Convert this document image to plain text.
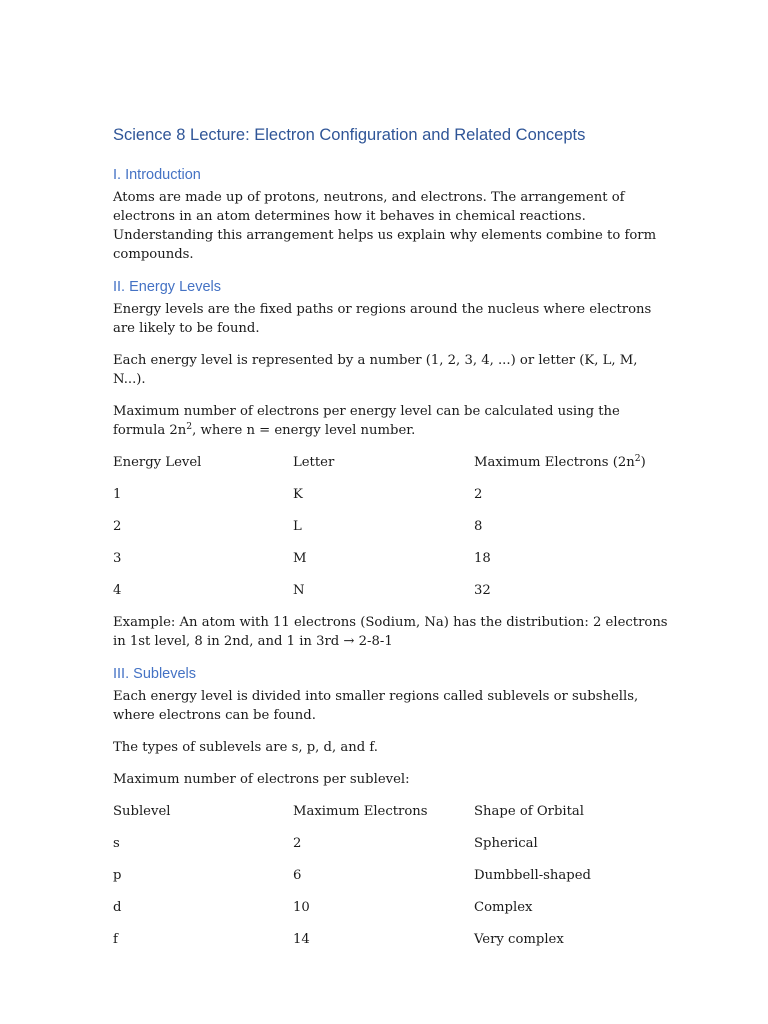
Science 8 Lecture: Electron Configuration and Related Concepts
I. Introduction

Atoms are made up of protons, neutrons, and electrons. The arrangement of electrons in an atom determines how it behaves in chemical reactions. Understanding this arrangement helps us explain why elements combine to form compounds.

II. Energy Levels

Energy levels are the fixed paths or regions around the nucleus where electrons are likely to be found.

Each energy level is represented by a number (1, 2, 3, 4, ...) or letter (K, L, M, N...).

Maximum number of electrons per energy level can be calculated using the formula $2n^2$, where n = energy level number.

Energy Level	Letter	Maximum Electrons $(2n^2)$
1	K	2
2	L	8
3	M	18
4	N	32

Example: An atom with 11 electrons (Sodium, Na) has the distribution: 2 electrons in 1st level, 8 in 2nd, and 1 in 3rd → 2-8-1

III. Sublevels

Each energy level is divided into smaller regions called sublevels or subshells, where electrons can be found.

The types of sublevels are s, p, d, and f.

Maximum number of electrons per sublevel:

Sublevel	Maximum Electrons	Shape of Orbital
s	2	Spherical
p	6	Dumbbell-shaped
d	10	Complex
f	14	Very complex
